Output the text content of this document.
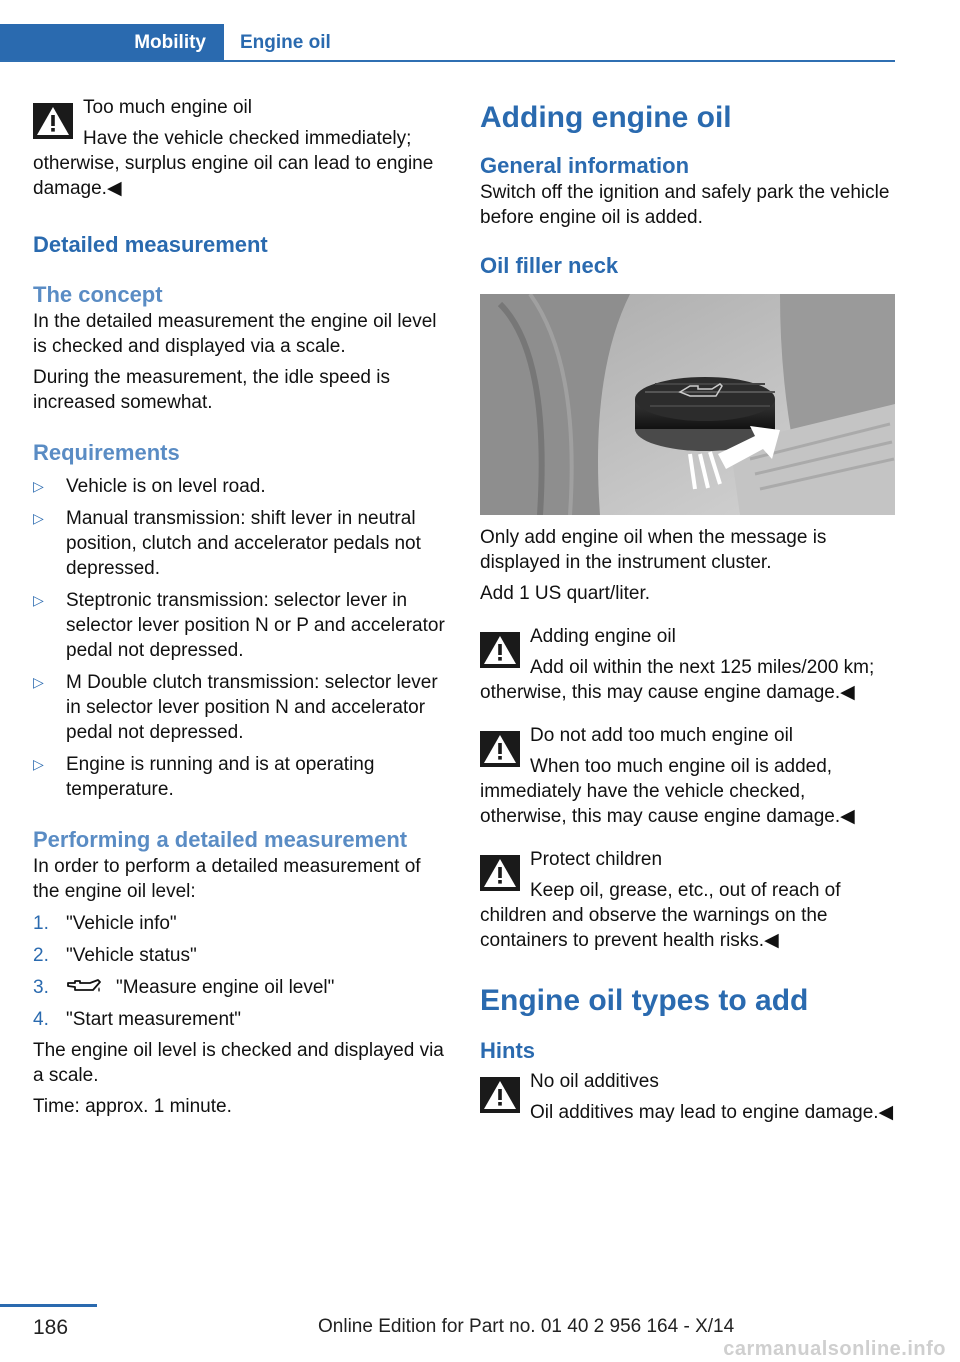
Mobility	Engine oil

Too much engine oil

Have the vehicle checked immediately; otherwise, surplus engine oil can lead to engine damage.◀

Detailed measurement

The concept

In the detailed measurement the engine oil level is checked and displayed via a scale.

During the measurement, the idle speed is increased somewhat.

Requirements

▷ Vehicle is on level road.
▷ Manual transmission: shift lever in neutral position, clutch and accelerator pedals not depressed.
▷ Steptronic transmission: selector lever in selector lever position N or P and accelerator pedal not depressed.
▷ M Double clutch transmission: selector lever in selector lever position N and accelerator pedal not depressed.
▷ Engine is running and is at operating temperature.

Performing a detailed measurement

In order to perform a detailed measurement of the engine oil level:

1. "Vehicle info"
2. "Vehicle status"
3.	"Measure engine oil level"
4. "Start measurement"

The engine oil level is checked and displayed via a scale.

Time: approx. 1 minute.

Adding engine oil

General information

Switch off the ignition and safely park the vehicle before engine oil is added.

Oil filler neck

Only add engine oil when the message is displayed in the instrument cluster.

Add 1 US quart/liter.

Adding engine oil

Add oil within the next 125 miles/200 km; otherwise, this may cause engine damage.◀

Do not add too much engine oil

When too much engine oil is added, immediately have the vehicle checked, otherwise, this may cause engine damage.◀

Protect children

Keep oil, grease, etc., out of reach of children and observe the warnings on the containers to prevent health risks.◀

Engine oil types to add

Hints

No oil additives

Oil additives may lead to engine damage.◀

186	Online Edition for Part no. 01 40 2 956 164 - X/14
carmanualsonline.info
